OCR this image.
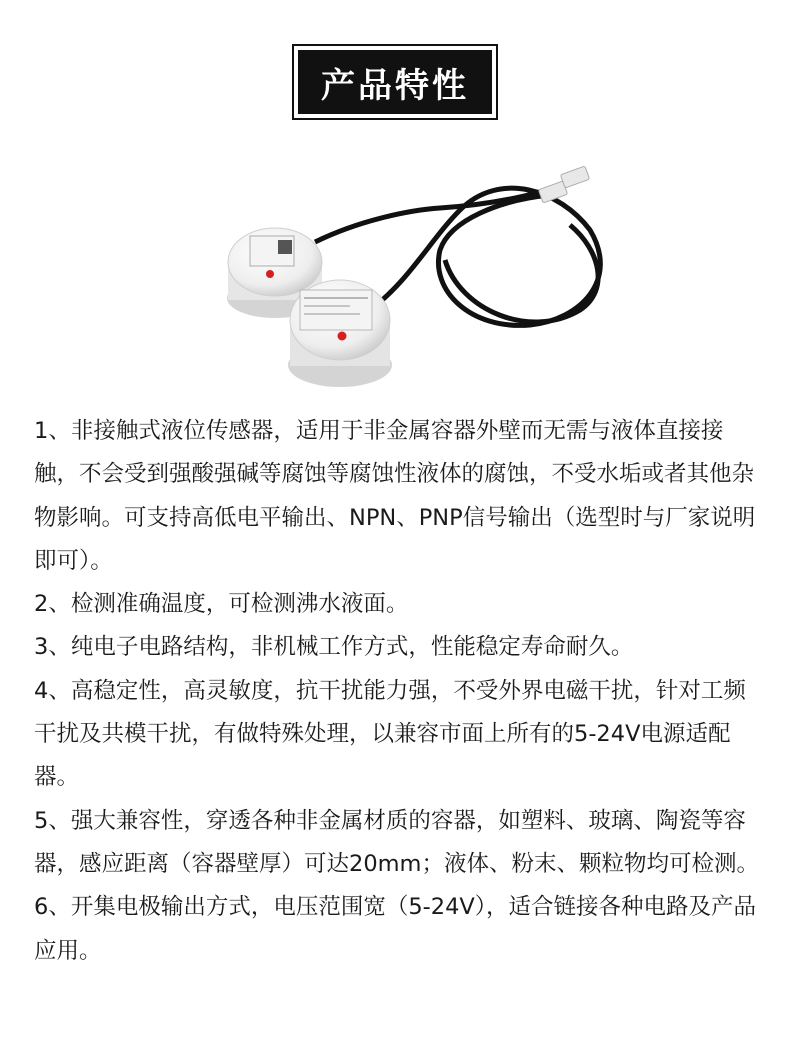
产品特性

1、非接触式液位传感器，适用于非金属容器外壁而无需与液体直接接触，不会受到强酸强碱等腐蚀等腐蚀性液体的腐蚀，不受水垢或者其他杂物影响。可支持高低电平输出、NPN、PNP信号输出（选型时与厂家说明即可）。

2、检测准确温度，可检测沸水液面。

3、纯电子电路结构，非机械工作方式，性能稳定寿命耐久。

4、高稳定性，高灵敏度，抗干扰能力强，不受外界电磁干扰，针对工频干扰及共模干扰，有做特殊处理，以兼容市面上所有的5-24V电源适配器。

5、强大兼容性，穿透各种非金属材质的容器，如塑料、玻璃、陶瓷等容器，感应距离（容器壁厚）可达20mm；液体、粉末、颗粒物均可检测。

6、开集电极输出方式，电压范围宽（5-24V），适合链接各种电路及产品应用。
